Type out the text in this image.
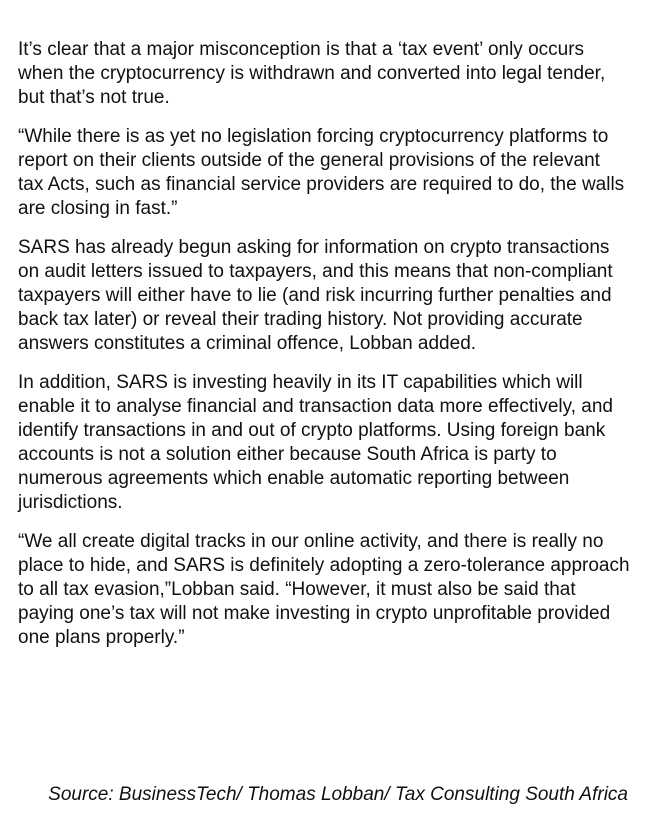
It’s clear that a major misconception is that a ‘tax event’ only occurs when the cryptocurrency is withdrawn and converted into legal tender, but that’s not true.

“While there is as yet no legislation forcing cryptocurrency platforms to report on their clients outside of the general provisions of the relevant tax Acts, such as financial service providers are required to do, the walls are closing in fast.”

SARS has already begun asking for information on crypto transactions on audit letters issued to taxpayers, and this means that non-compliant taxpayers will either have to lie (and risk incurring further penalties and back tax later) or reveal their trading history. Not providing accurate answers constitutes a criminal offence, Lobban added.

In addition, SARS is investing heavily in its IT capabilities which will enable it to analyse financial and transaction data more effectively, and identify transactions in and out of crypto platforms. Using foreign bank accounts is not a solution either because South Africa is party to numerous agreements which enable automatic reporting between jurisdictions.

“We all create digital tracks in our online activity, and there is really no place to hide, and SARS is definitely adopting a zero-tolerance approach to all tax evasion,”Lobban said. “However, it must also be said that paying one’s tax will not make investing in crypto unprofitable provided one plans properly.”

Source: BusinessTech/ Thomas Lobban/ Tax Consulting South Africa
